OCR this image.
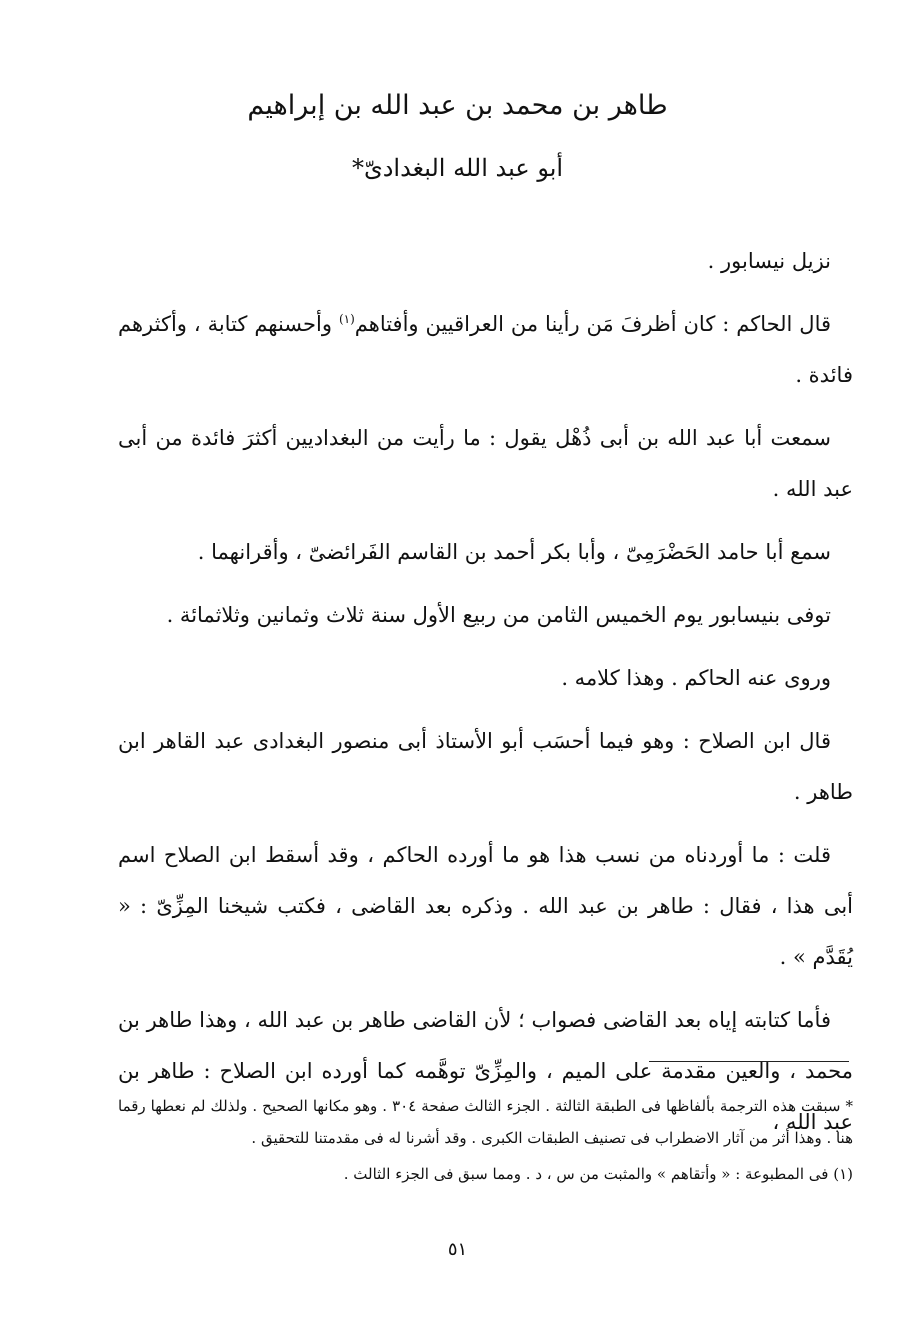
طاهر بن محمد بن عبد الله بن إبراهيم
أبو عبد الله البغدادىّ*

نزيل نيسابور .

قال الحاكم : كان أظرفَ مَن رأينا من العراقيين وأفتاهم$^{(١)}$ وأحسنهم كتابة ، وأكثرهم فائدة .

سمعت أبا عبد الله بن أبى ذُهْل يقول : ما رأيت من البغداديين أكثرَ فائدة من أبى عبد الله .

سمع أبا حامد الحَضْرَمِىّ ، وأبا بكر أحمد بن القاسم الفَرائضىّ ، وأقرانهما .

توفى بنيسابور يوم الخميس الثامن من ربيع الأول سنة ثلاث وثمانين وثلاثمائة .

وروى عنه الحاكم . وهذا كلامه .

قال ابن الصلاح : وهو فيما أحسَب أبو الأستاذ أبى منصور البغدادى عبد القاهر ابن طاهر .

قلت : ما أوردناه من نسب هذا هو ما أورده الحاكم ، وقد أسقط ابن الصلاح اسم أبى هذا ، فقال : طاهر بن عبد الله . وذكره بعد القاضى ، فكتب شيخنا المِزِّىّ : « يُقَدَّم » .

فأما كتابته إياه بعد القاضى فصواب ؛ لأن القاضى طاهر بن عبد الله ، وهذا طاهر بن محمد ، والعين مقدمة على الميم ، والمِزِّىّ توهَّمه كما أورده ابن الصلاح : طاهر بن عبد الله ،

* سبقت هذه الترجمة بألفاظها فى الطبقة الثالثة . الجزء الثالث صفحة ٣٠٤ . وهو مكانها الصحيح . ولذلك لم نعطها رقما هنا . وهذا أثر من آثار الاضطراب فى تصنيف الطبقات الكبرى . وقد أشرنا له فى مقدمتنا للتحقيق .

(١) فى المطبوعة : « وأتقاهم » والمثبت من س ، د . ومما سبق فى الجزء الثالث .

٥١
